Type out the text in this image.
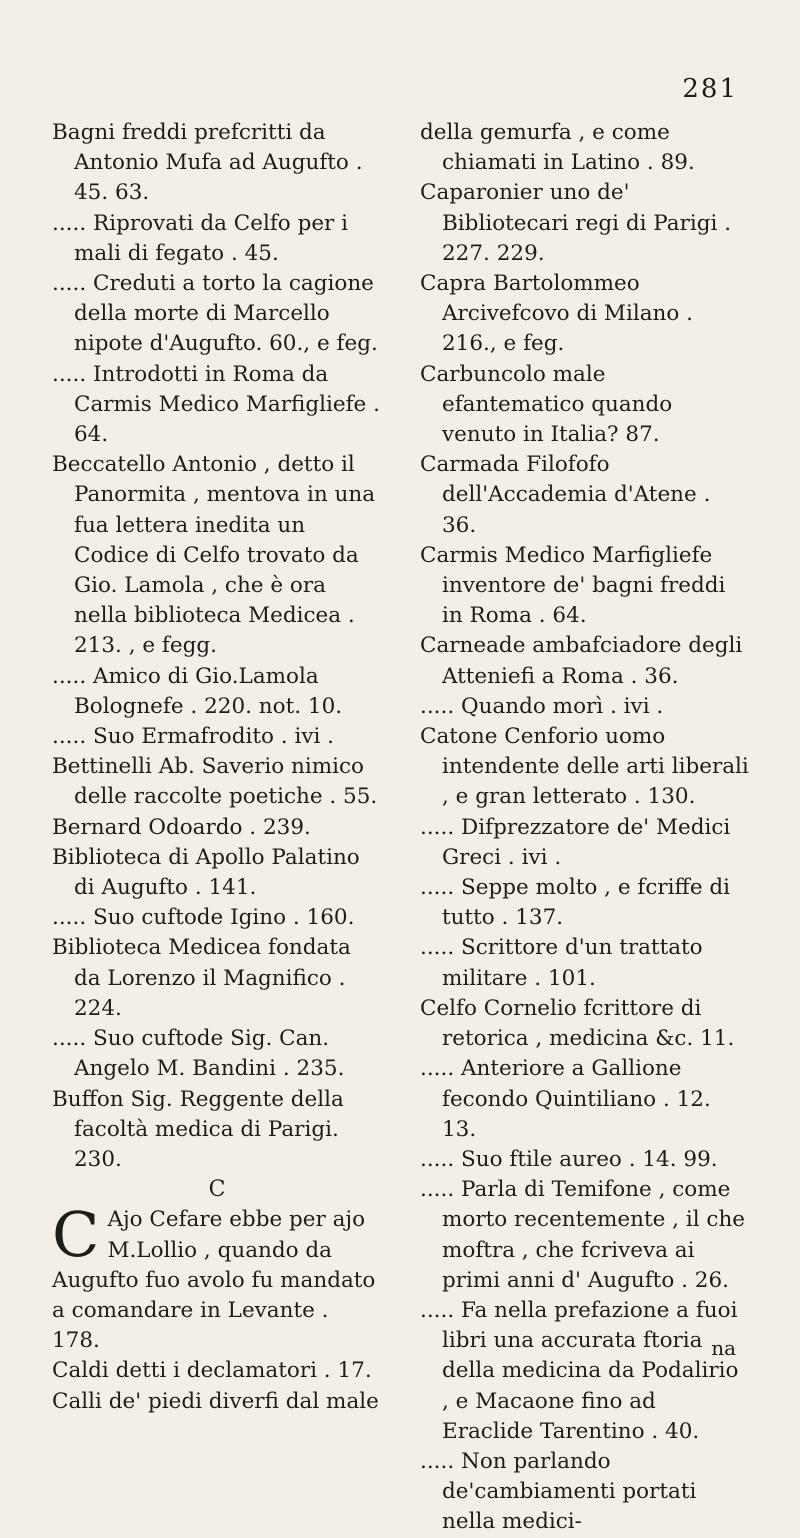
281

Bagni freddi prefcritti da Antonio Mufa ad Augufto . 45. 63.

..... Riprovati da Celfo per i mali di fegato . 45.

..... Creduti a torto la cagione della morte di Marcello nipote d'Augufto. 60., e feg.

..... Introdotti in Roma da Carmis Medico Marfigliefe . 64.

Beccatello Antonio , detto il Panormita , mentova in una fua lettera inedita un Codice di Celfo trovato da Gio. Lamola , che è ora nella biblioteca Medicea . 213. , e fegg.

..... Amico di Gio.Lamola Bolognefe . 220. not. 10.

..... Suo Ermafrodito . ivi .

Bettinelli Ab. Saverio nimico delle raccolte poetiche . 55.

Bernard Odoardo . 239.

Biblioteca di Apollo Palatino di Augufto . 141.

..... Suo cuftode Igino . 160.

Biblioteca Medicea fondata da Lorenzo il Magnifico . 224.

..... Suo cuftode Sig. Can. Angelo M. Bandini . 235.

Buffon Sig. Reggente della facoltà medica di Parigi. 230.

C

C Ajo Cefare ebbe per ajo M.Lollio , quando da Augufto fuo avolo fu mandato a comandare in Levante . 178.

Caldi detti i declamatori . 17.

Calli de' piedi diverfi dal male

della gemurfa , e come chiamati in Latino . 89.

Caparonier uno de' Bibliotecari regi di Parigi . 227. 229.

Capra Bartolommeo Arcivefcovo di Milano . 216., e feg.

Carbuncolo male efantematico quando venuto in Italia? 87.

Carmada Filofofo dell'Accademia d'Atene . 36.

Carmis Medico Marfigliefe inventore de' bagni freddi in Roma . 64.

Carneade ambafciadore degli Atteniefi a Roma . 36.

..... Quando morì . ivi .

Catone Cenforio uomo intendente delle arti liberali , e gran letterato . 130.

..... Difprezzatore de' Medici Greci . ivi .

..... Seppe molto , e fcriffe di tutto . 137.

..... Scrittore d'un trattato militare . 101.

Celfo Cornelio fcrittore di retorica , medicina &c. 11.

..... Anteriore a Gallione fecondo Quintiliano . 12. 13.

..... Suo ftile aureo . 14. 99.

..... Parla di Temifone , come morto recentemente , il che moftra , che fcriveva ai primi anni d' Augufto . 26.

..... Fa nella prefazione a fuoi libri una accurata ftoria della medicina da Podalirio , e Macaone fino ad Eraclide Tarentino . 40.

..... Non parlando de'cambiamenti portati nella medici-

na
